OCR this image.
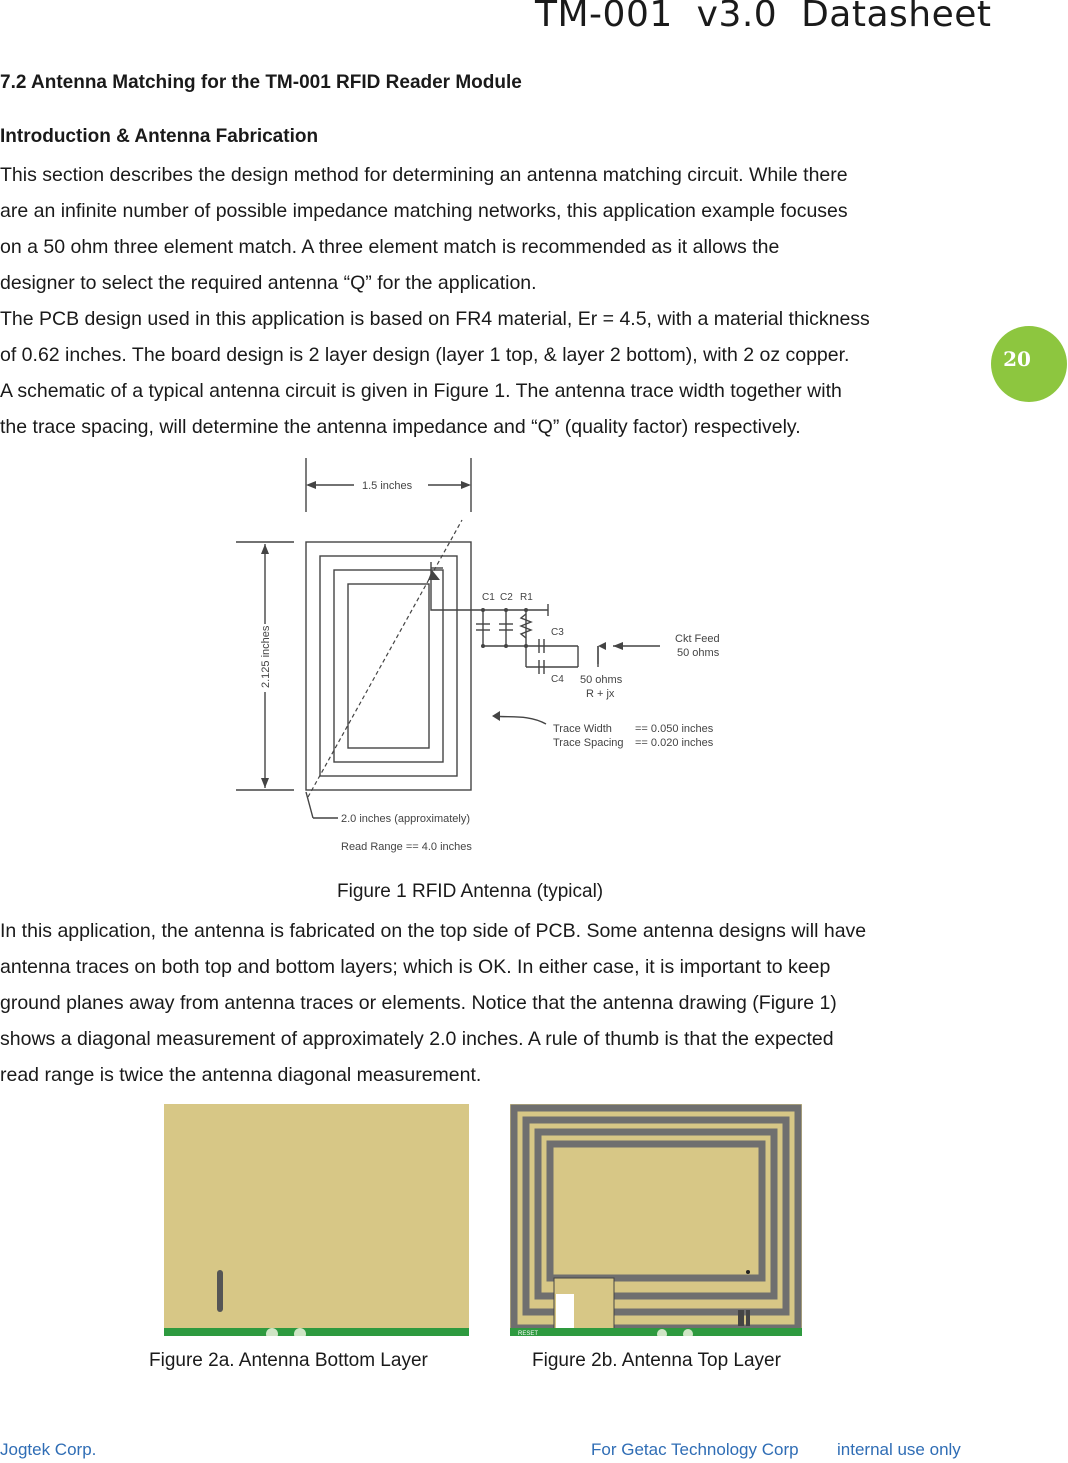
TM-001  v3.0  Datasheet
20
7.2 Antenna Matching for the TM-001 RFID Reader Module
Introduction & Antenna Fabrication

This section describes the design method for determining an antenna matching circuit. While there

are an infinite number of possible impedance matching networks, this application example focuses

on a 50 ohm three element match. A three element match is recommended as it allows the

designer to select the required antenna “Q” for the application.

The PCB design used in this application is based on FR4 material, Er = 4.5, with a material thickness

of 0.62 inches. The board design is 2 layer design (layer 1 top, & layer 2 bottom), with 2 oz copper.

A schematic of a typical antenna circuit is given in Figure 1. The antenna trace width together with

the trace spacing, will determine the antenna impedance and “Q” (quality factor) respectively.

1.5 inches
2.125 inches
C1 C2 R1
C3
C4
Ckt Feed
50 ohms
50 ohms
R + jx
Trace Width == 0.050 inches
Trace Spacing == 0.020 inches
2.0 inches (approximately)
Read Range == 4.0 inches
Figure 1 RFID Antenna (typical)

In this application, the antenna is fabricated on the top side of PCB. Some antenna designs will have

antenna traces on both top and bottom layers; which is OK. In either case, it is important to keep

ground planes away from antenna traces or elements. Notice that the antenna drawing (Figure 1)

shows a diagonal measurement of approximately 2.0 inches. A rule of thumb is that the expected

read range is twice the antenna diagonal measurement.

RESET
Figure 2a. Antenna Bottom Layer	Figure 2b. Antenna Top Layer
Jogtek Corp.	For Getac Technology Corp internal use only
